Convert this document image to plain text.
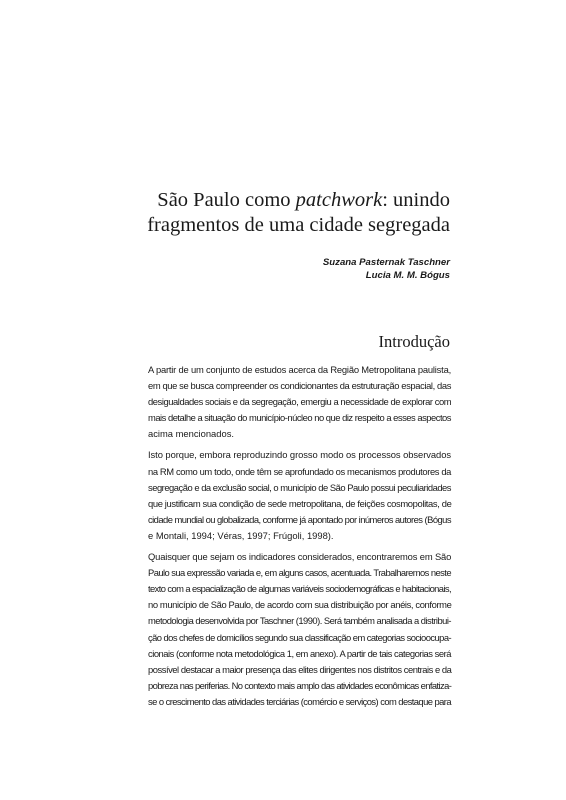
São Paulo como patchwork: unindo
fragmentos de uma cidade segregada
Suzana Pasternak Taschner
Lucia M. M. Bógus
Introdução

A partir de um conjunto de estudos acerca da Região Metropolitana paulista,
em que se busca compreender os condicionantes da estruturação espacial, das
desigualdades sociais e da segregação, emergiu a necessidade de explorar com
mais detalhe a situação do município-núcleo no que diz respeito a esses aspectos
acima mencionados.

Isto porque, embora reproduzindo grosso modo os processos observados
na RM como um todo, onde têm se aprofundado os mecanismos produtores da
segregação e da exclusão social, o município de São Paulo possui peculiaridades
que justificam sua condição de sede metropolitana, de feições cosmopolitas, de
cidade mundial ou globalizada, conforme já apontado por inúmeros autores (Bógus
e Montali, 1994; Véras, 1997; Frúgoli, 1998).

Quaisquer que sejam os indicadores considerados, encontraremos em São
Paulo sua expressão variada e, em alguns casos, acentuada. Trabalharemos neste
texto com a espacialização de algumas variáveis sociodemográficas e habitacionais,
no município de São Paulo, de acordo com sua distribuição por anéis, conforme
metodologia desenvolvida por Taschner (1990). Será também analisada a distribui-
ção dos chefes de domicílios segundo sua classificação em categorias socioocupa-
cionais (conforme nota metodológica 1, em anexo). A partir de tais categorias será
possível destacar a maior presença das elites dirigentes nos distritos centrais e da
pobreza nas periferias. No contexto mais amplo das atividades econômicas enfatiza-
se o crescimento das atividades terciárias (comércio e serviços) com destaque para
